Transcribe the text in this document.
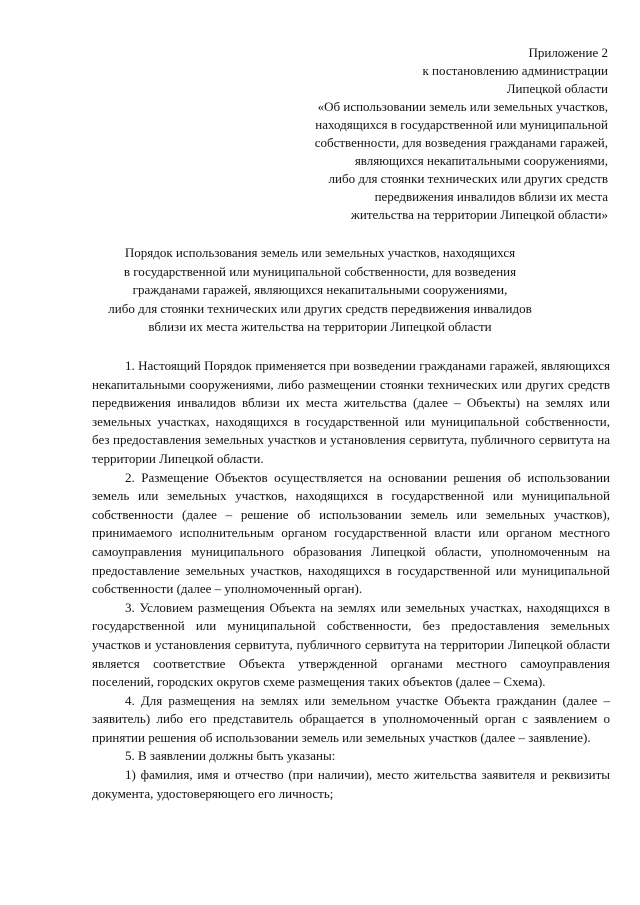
Приложение 2
к постановлению администрации
Липецкой области
«Об использовании земель или земельных участков,
находящихся в государственной или муниципальной
собственности, для возведения гражданами гаражей,
являющихся некапитальными сооружениями,
либо для стоянки технических или других средств
передвижения инвалидов вблизи их места
жительства на территории Липецкой области»
Порядок использования земель или земельных участков, находящихся
в государственной или муниципальной собственности, для возведения
гражданами гаражей, являющихся некапитальными сооружениями,
либо для стоянки технических или других средств передвижения инвалидов
вблизи их места жительства на территории Липецкой области

1. Настоящий Порядок применяется при возведении гражданами гаражей, являющихся некапитальными сооружениями, либо размещении стоянки технических или других средств передвижения инвалидов вблизи их места жительства (далее – Объекты) на землях или земельных участках, находящихся в государственной или муниципальной собственности, без предоставления земельных участков и установления сервитута, публичного сервитута на территории Липецкой области.

2. Размещение Объектов осуществляется на основании решения об использовании земель или земельных участков, находящихся в государственной или муниципальной собственности (далее – решение об использовании земель или земельных участков), принимаемого исполнительным органом государственной власти или органом местного самоуправления муниципального образования Липецкой области, уполномоченным на предоставление земельных участков, находящихся в государственной или муниципальной собственности (далее – уполномоченный орган).

3. Условием размещения Объекта на землях или земельных участках, находящихся в государственной или муниципальной собственности, без предоставления земельных участков и установления сервитута, публичного сервитута на территории Липецкой области является соответствие Объекта утвержденной органами местного самоуправления поселений, городских округов схеме размещения таких объектов (далее – Схема).

4. Для размещения на землях или земельном участке Объекта гражданин (далее – заявитель) либо его представитель обращается в уполномоченный орган с заявлением о принятии решения об использовании земель или земельных участков (далее – заявление).

5. В заявлении должны быть указаны:

1) фамилия, имя и отчество (при наличии), место жительства заявителя и реквизиты документа, удостоверяющего его личность;
